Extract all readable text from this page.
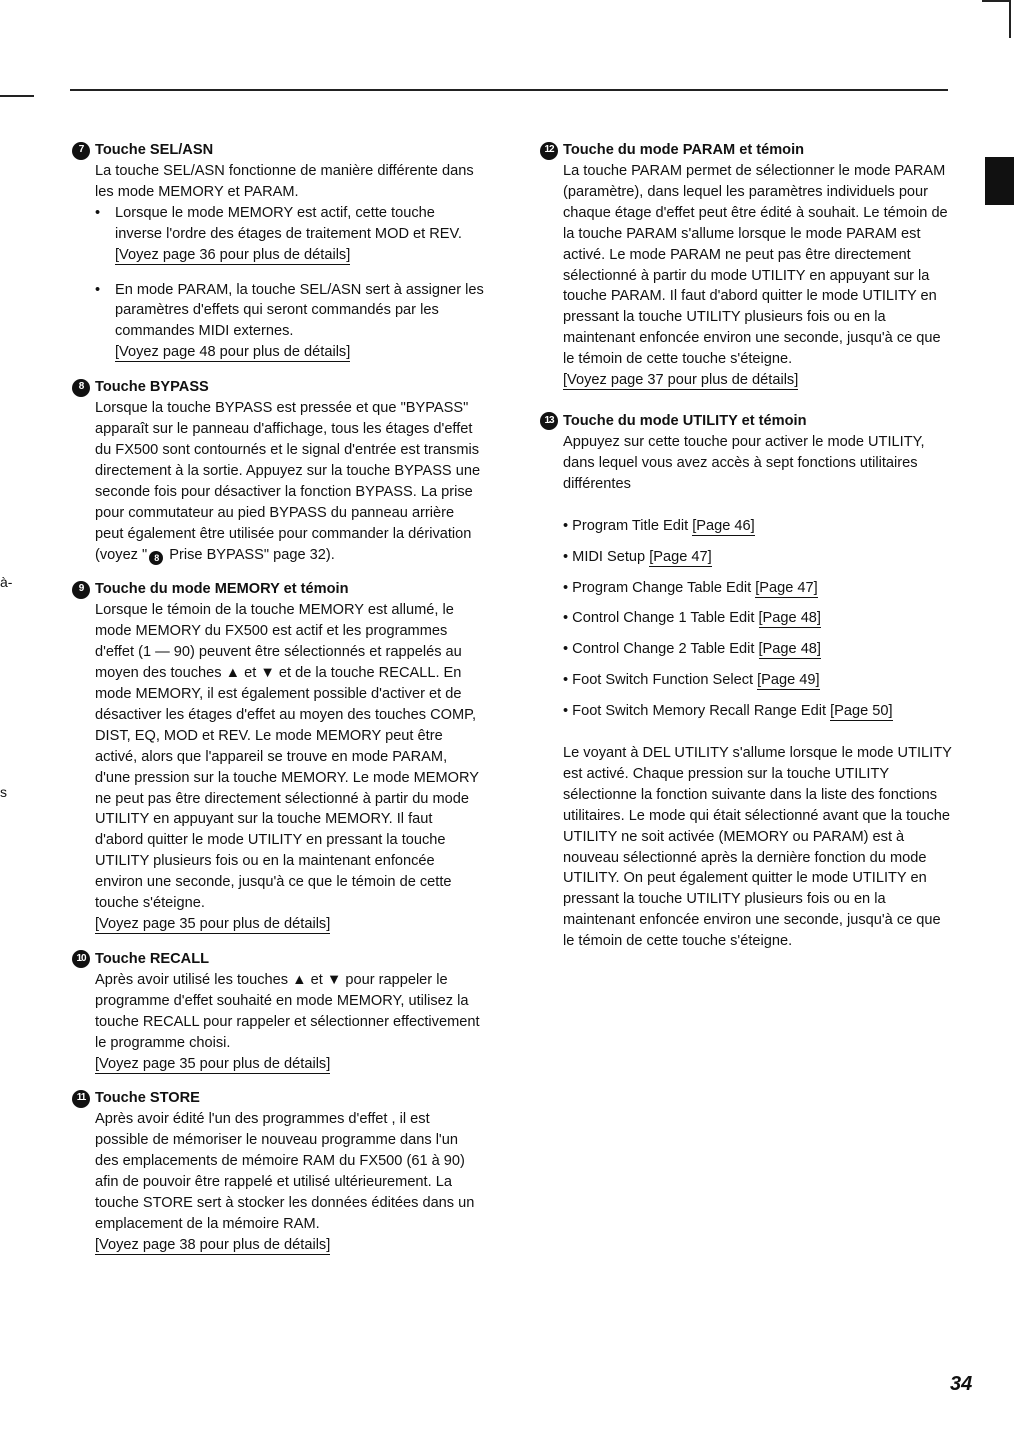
à-
s
7 Touche SEL/ASN
La touche SEL/ASN fonctionne de manière différente dans les mode MEMORY et PARAM.
•	Lorsque le mode MEMORY est actif, cette touche inverse l'ordre des étages de traitement MOD et REV.
[Voyez page 36 pour plus de détails]
•	En mode PARAM, la touche SEL/ASN sert à assigner les paramètres d'effets qui seront commandés par les commandes MIDI externes.
[Voyez page 48 pour plus de détails]
8 Touche BYPASS
Lorsque la touche BYPASS est pressée et que "BYPASS" apparaît sur le panneau d'affichage, tous les étages d'effet du FX500 sont contournés et le signal d'entrée est transmis directement à la sortie. Appuyez sur la touche BYPASS une seconde fois pour désactiver la fonction BYPASS. La prise pour commutateur au pied BYPASS du panneau arrière peut également être utilisée pour commander la dérivation (voyez " 8 Prise BYPASS" page 32).
9 Touche du mode MEMORY et témoin
Lorsque le témoin de la touche MEMORY est allumé, le mode MEMORY du FX500 est actif et les programmes d'effet (1 — 90) peuvent être sélectionnés et rappelés au moyen des touches ▲ et ▼ et de la touche RECALL. En mode MEMORY, il est également possible d'activer et de désactiver les étages d'effet au moyen des touches COMP, DIST, EQ, MOD et REV. Le mode MEMORY peut être activé, alors que l'appareil se trouve en mode PARAM, d'une pression sur la touche MEMORY. Le mode MEMORY ne peut pas être directement sélectionné à partir du mode UTILITY en appuyant sur la touche MEMORY. Il faut d'abord quitter le mode UTILITY en pressant la touche UTILITY plusieurs fois ou en la maintenant enfoncée environ une seconde, jusqu'à ce que le témoin de cette touche s'éteigne.
[Voyez page 35 pour plus de détails]
10 Touche RECALL
Après avoir utilisé les touches ▲ et ▼ pour rappeler le programme d'effet souhaité en mode MEMORY, utilisez la touche RECALL pour rappeler et sélectionner effectivement le programme choisi.
[Voyez page 35 pour plus de détails]
11 Touche STORE
Après avoir édité l'un des programmes d'effet , il est possible de mémoriser le nouveau programme dans l'un des emplacements de mémoire RAM du FX500 (61 à 90) afin de pouvoir être rappelé et utilisé ultérieurement. La touche STORE sert à stocker les données éditées dans un emplacement de la mémoire RAM.
[Voyez page 38 pour plus de détails]
12 Touche du mode PARAM et témoin
La touche PARAM permet de sélectionner le mode PARAM (paramètre), dans lequel les paramètres individuels pour chaque étage d'effet peut être édité à souhait. Le témoin de la touche PARAM s'allume lorsque le mode PARAM est activé. Le mode PARAM ne peut pas être directement sélectionné à partir du mode UTILITY en appuyant sur la touche PARAM. Il faut d'abord quitter le mode UTILITY en pressant la touche UTILITY plusieurs fois ou en la maintenant enfoncée environ une seconde, jusqu'à ce que le témoin de cette touche s'éteigne.
[Voyez page 37 pour plus de détails]
13 Touche du mode UTILITY et témoin
Appuyez sur cette touche pour activer le mode UTILITY, dans lequel vous avez accès à sept fonctions utilitaires différentes
• Program Title Edit [Page 46]
• MIDI Setup [Page 47]
• Program Change Table Edit [Page 47]
• Control Change 1 Table Edit [Page 48]
• Control Change 2 Table Edit [Page 48]
• Foot Switch Function Select [Page 49]
• Foot Switch Memory Recall Range Edit [Page 50]
Le voyant à DEL UTILITY s'allume lorsque le mode UTILITY est activé. Chaque pression sur la touche UTILITY sélectionne la fonction suivante dans la liste des fonctions utilitaires. Le mode qui était sélectionné avant que la touche UTILITY ne soit activée (MEMORY ou PARAM) est à nouveau sélectionné après la dernière fonction du mode UTILITY. On peut également quitter le mode UTILITY en pressant la touche UTILITY plusieurs fois ou en la maintenant enfoncée environ une seconde, jusqu'à ce que le témoin de cette touche s'éteigne.
34
